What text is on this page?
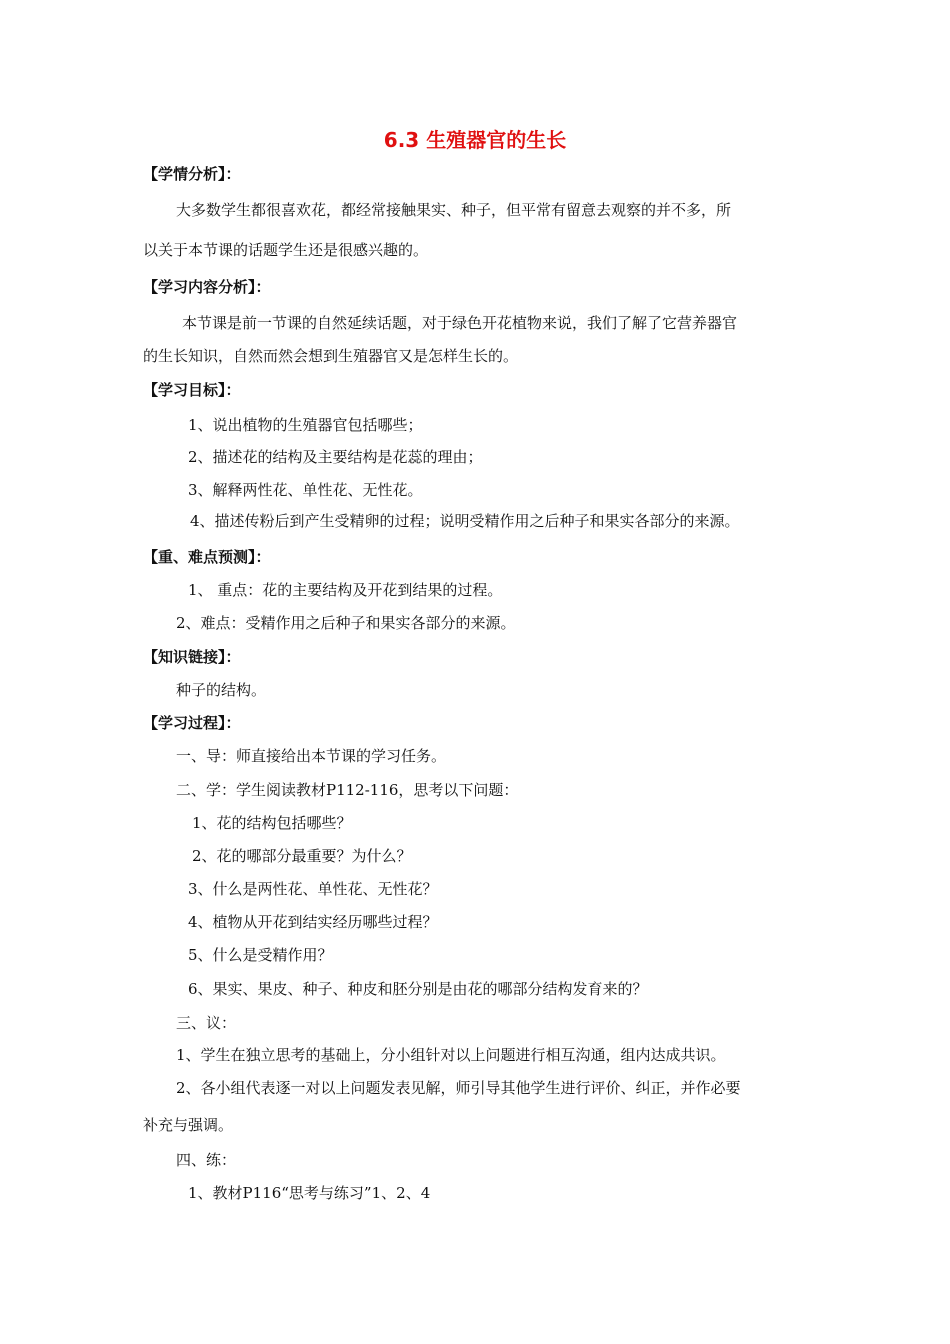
6.3 生殖器官的生长
【学情分析】：
大多数学生都很喜欢花，都经常接触果实、种子，但平常有留意去观察的并不多，所
以关于本节课的话题学生还是很感兴趣的。
【学习内容分析】：
本节课是前一节课的自然延续话题，对于绿色开花植物来说，我们了解了它营养器官
的生长知识，自然而然会想到生殖器官又是怎样生长的。
【学习目标】：
1、说出植物的生殖器官包括哪些；
2、描述花的结构及主要结构是花蕊的理由；
3、解释两性花、单性花、无性花。
4、描述传粉后到产生受精卵的过程；说明受精作用之后种子和果实各部分的来源。
【重、难点预测】：
1、 重点：花的主要结构及开花到结果的过程。
2、难点：受精作用之后种子和果实各部分的来源。
【知识链接】：
种子的结构。
【学习过程】：
一、导：师直接给出本节课的学习任务。
二、学：学生阅读教材P112-116，思考以下问题：
1、花的结构包括哪些？
2、花的哪部分最重要？为什么？
3、什么是两性花、单性花、无性花？
4、植物从开花到结实经历哪些过程？
5、什么是受精作用？
6、果实、果皮、种子、种皮和胚分别是由花的哪部分结构发育来的？
三、议：
1、学生在独立思考的基础上，分小组针对以上问题进行相互沟通，组内达成共识。
2、各小组代表逐一对以上问题发表见解，师引导其他学生进行评价、纠正，并作必要
补充与强调。
四、练：
1、教材P116“思考与练习”1、2、4
